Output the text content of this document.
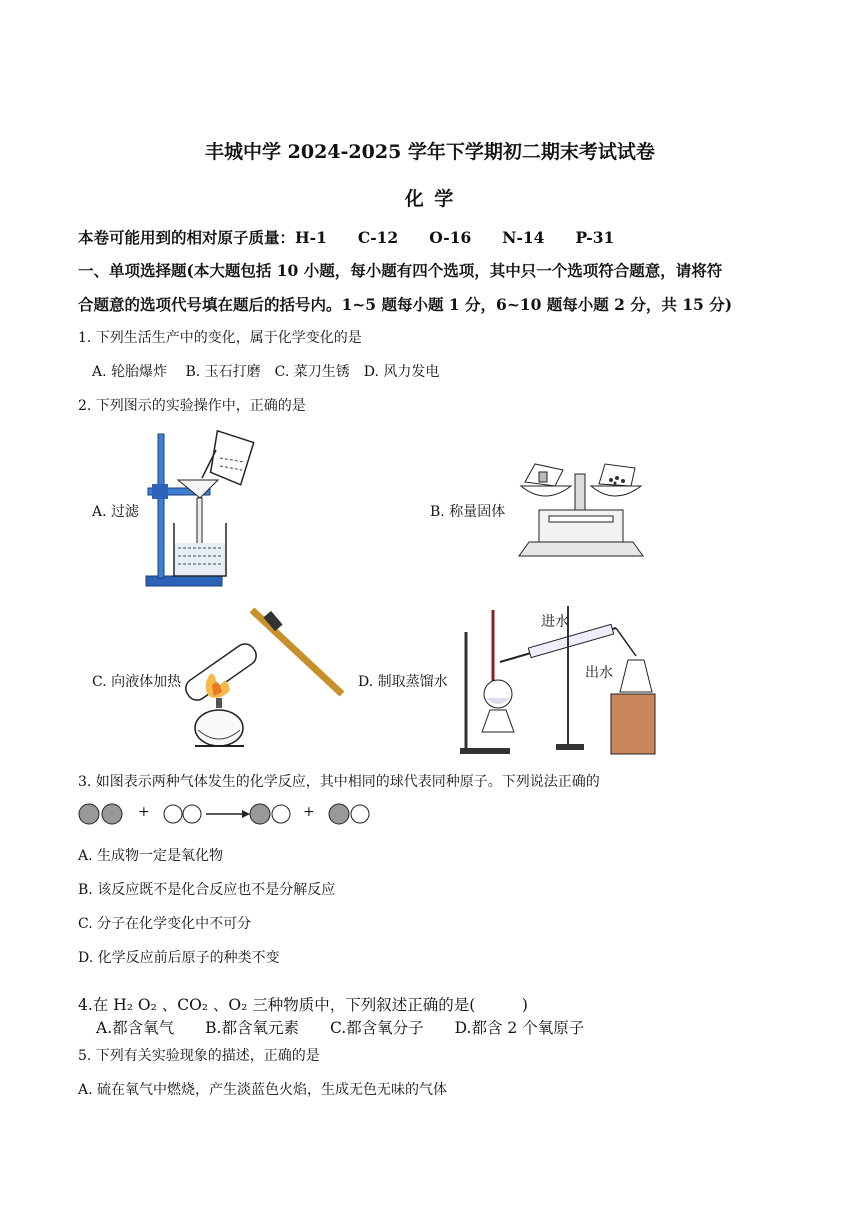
丰城中学 2024-2025 学年下学期初二期末考试试卷
化 学
本卷可能用到的相对原子质量：H-1　　C-12　　O-16　　N-14　　P-31
一、单项选择题(本大题包括 10 小题，每小题有四个选项，其中只一个选项符合题意，请将符
合题意的选项代号填在题后的括号内。1~5 题每小题 1 分，6~10 题每小题 2 分，共 15 分)
1. 下列生活生产中的变化，属于化学变化的是
A. 轮胎爆炸　 B. 玉石打磨　C. 菜刀生锈　D. 风力发电
2. 下列图示的实验操作中，正确的是
A. 过滤	B. 称量固体
C. 向液体加热	D. 制取蒸馏水
进水
出水
3. 如图表示两种气体发生的化学反应，其中相同的球代表同种原子。下列说法正确的
+	+
A. 生成物一定是氧化物
B. 该反应既不是化合反应也不是分解反应
C. 分子在化学变化中不可分
D. 化学反应前后原子的种类不变
4.在 H₂ O₂ 、CO₂ 、O₂ 三种物质中，下列叙述正确的是(　　　)
A.都含氧气　　B.都含氧元素　　C.都含氧分子　　D.都含 2 个氧原子
5. 下列有关实验现象的描述，正确的是
A. 硫在氧气中燃烧，产生淡蓝色火焰，生成无色无味的气体
